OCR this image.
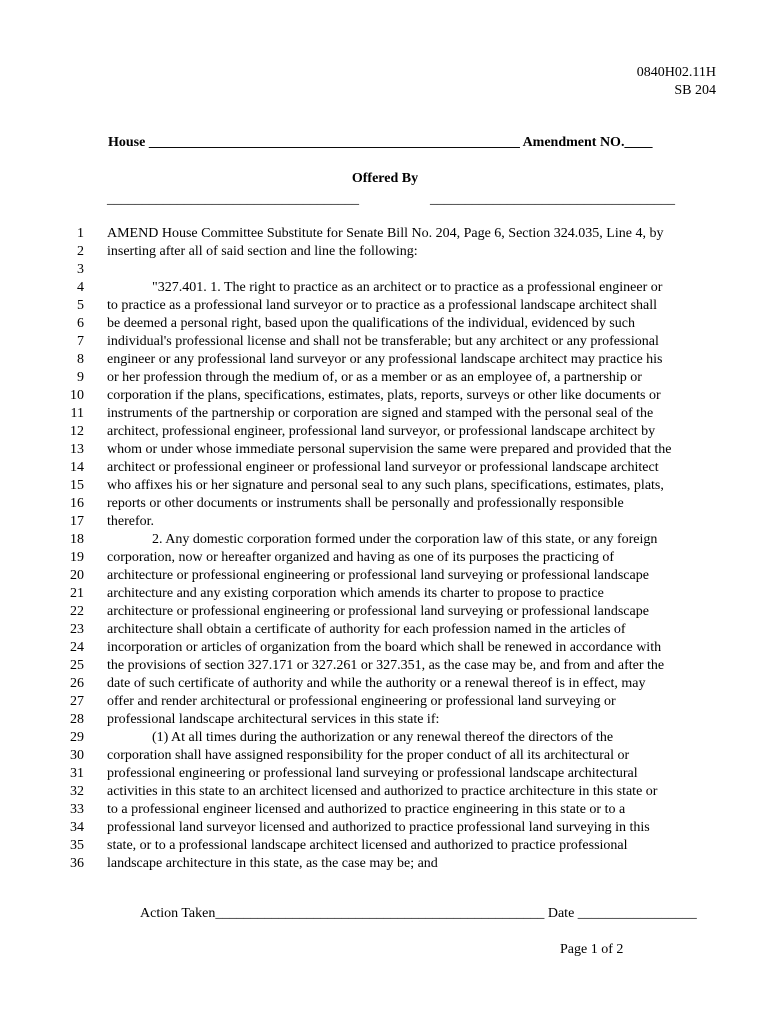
0840H02.11H
SB 204
House _____________________________________________________ Amendment NO.____
Offered By
____________________________________	___________________________________
1 AMEND House Committee Substitute for Senate Bill No. 204, Page 6, Section 324.035, Line 4, by
2 inserting after all of said section and line the following:
3
4	"327.401. 1. The right to practice as an architect or to practice as a professional engineer or
5 to practice as a professional land surveyor or to practice as a professional landscape architect shall
6 be deemed a personal right, based upon the qualifications of the individual, evidenced by such
7 individual's professional license and shall not be transferable; but any architect or any professional
8 engineer or any professional land surveyor or any professional landscape architect may practice his
9 or her profession through the medium of, or as a member or as an employee of, a partnership or
10 corporation if the plans, specifications, estimates, plats, reports, surveys or other like documents or
11 instruments of the partnership or corporation are signed and stamped with the personal seal of the
12 architect, professional engineer, professional land surveyor, or professional landscape architect by
13 whom or under whose immediate personal supervision the same were prepared and provided that the
14 architect or professional engineer or professional land surveyor or professional landscape architect
15 who affixes his or her signature and personal seal to any such plans, specifications, estimates, plats,
16 reports or other documents or instruments shall be personally and professionally responsible
17 therefor.
18	2. Any domestic corporation formed under the corporation law of this state, or any foreign
19 corporation, now or hereafter organized and having as one of its purposes the practicing of
20 architecture or professional engineering or professional land surveying or professional landscape
21 architecture and any existing corporation which amends its charter to propose to practice
22 architecture or professional engineering or professional land surveying or professional landscape
23 architecture shall obtain a certificate of authority for each profession named in the articles of
24 incorporation or articles of organization from the board which shall be renewed in accordance with
25 the provisions of section 327.171 or 327.261 or 327.351, as the case may be, and from and after the
26 date of such certificate of authority and while the authority or a renewal thereof is in effect, may
27 offer and render architectural or professional engineering or professional land surveying or
28 professional landscape architectural services in this state if:
29	(1) At all times during the authorization or any renewal thereof the directors of the
30 corporation shall have assigned responsibility for the proper conduct of all its architectural or
31 professional engineering or professional land surveying or professional landscape architectural
32 activities in this state to an architect licensed and authorized to practice architecture in this state or
33 to a professional engineer licensed and authorized to practice engineering in this state or to a
34 professional land surveyor licensed and authorized to practice professional land surveying in this
35 state, or to a professional landscape architect licensed and authorized to practice professional
36 landscape architecture in this state, as the case may be; and
Action Taken_______________________________________________ Date _________________
Page 1 of 2
